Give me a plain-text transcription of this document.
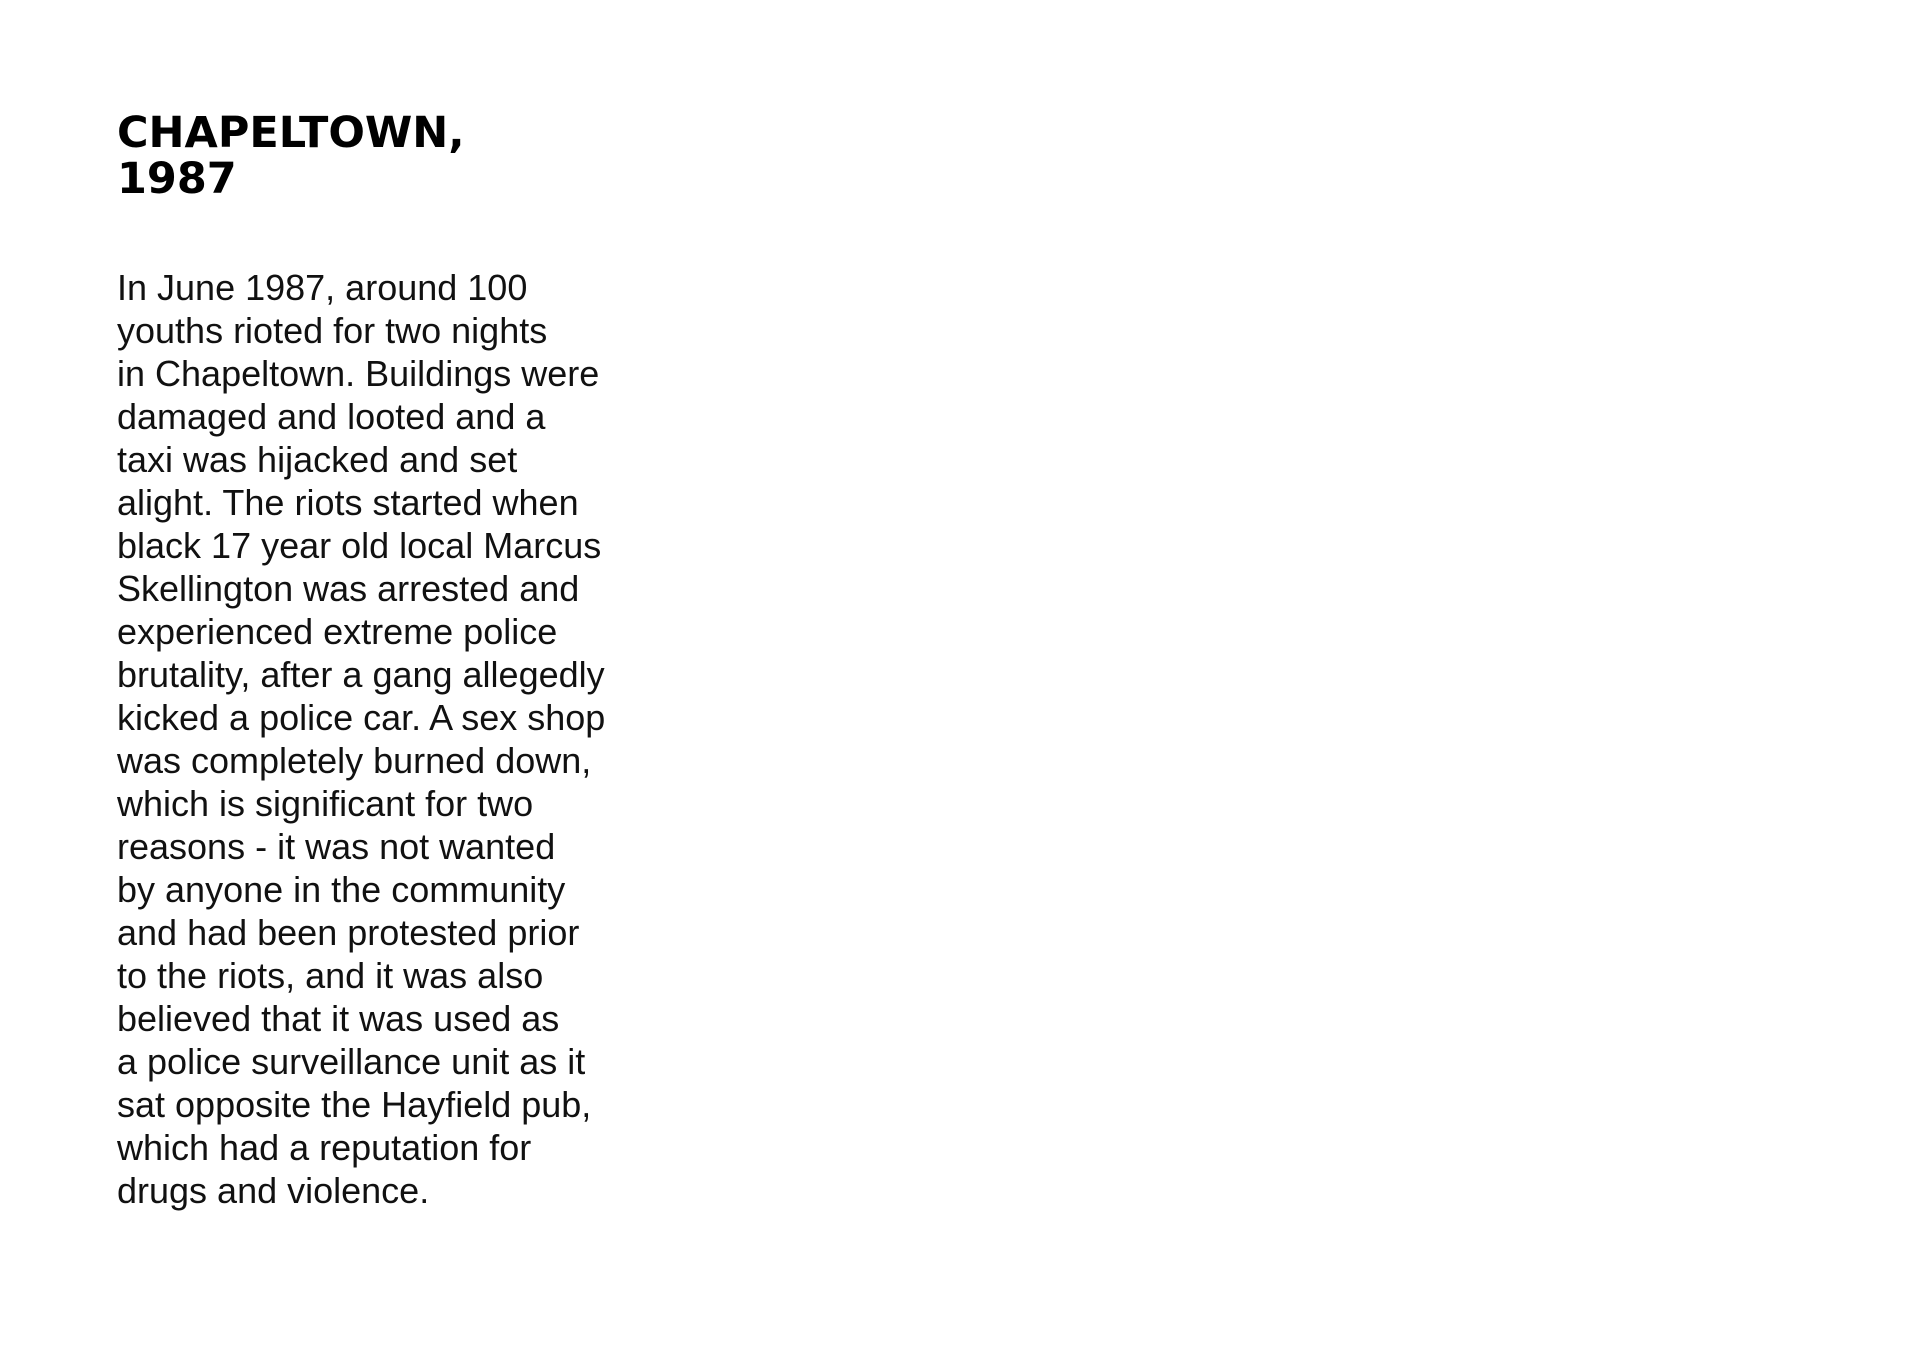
CHAPELTOWN,
1987
In June 1987, around 100
youths rioted for two nights
in Chapeltown. Buildings were
damaged and looted and a
taxi was hijacked and set
alight. The riots started when
black 17 year old local Marcus
Skellington was arrested and
experienced extreme police
brutality, after a gang allegedly
kicked a police car. A sex shop
was completely burned down,
which is significant for two
reasons - it was not wanted
by anyone in the community
and had been protested prior
to the riots, and it was also
believed that it was used as
a police surveillance unit as it
sat opposite the Hayfield pub,
which had a reputation for
drugs and violence.
